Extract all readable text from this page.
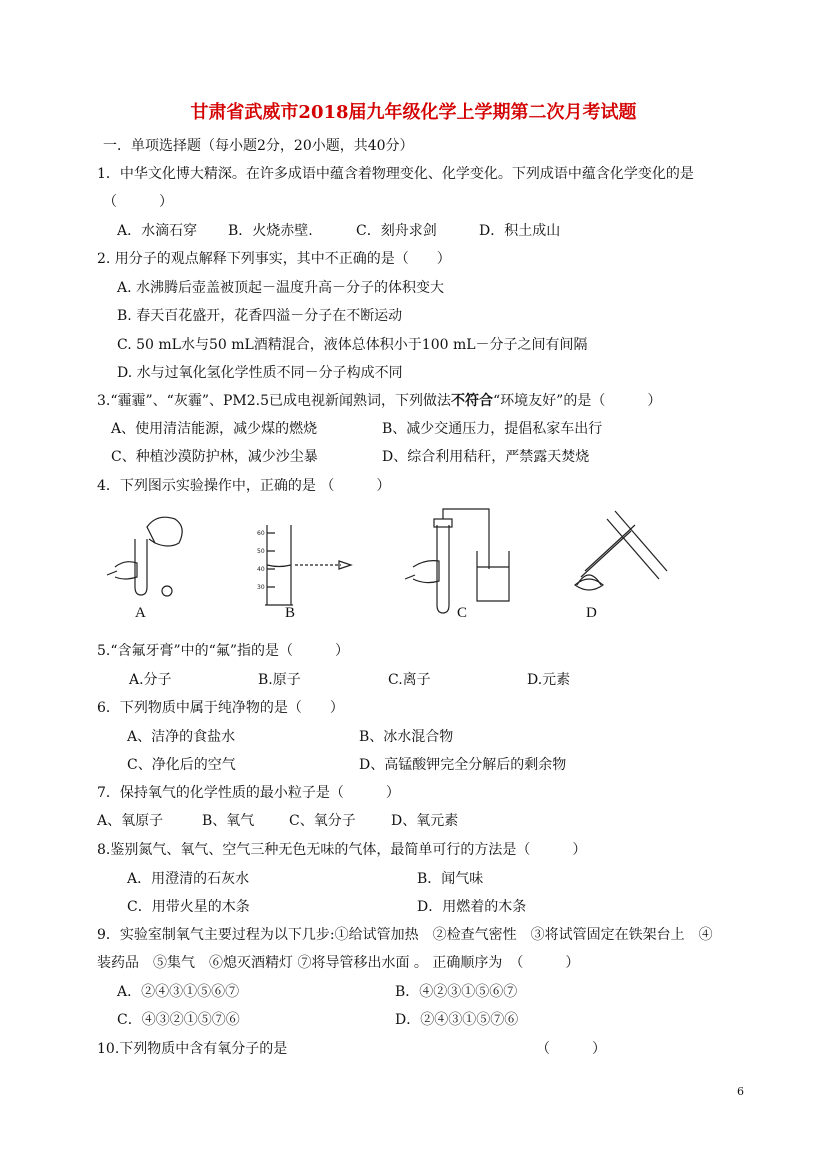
甘肃省武威市2018届九年级化学上学期第二次月考试题
一．单项选择题（每小题2分，20小题，共40分）
1．中华文化博大精深。在许多成语中蕴含着物理变化、化学变化。下列成语中蕴含化学变化的是
（　　　）
A．水滴石穿 B．火烧赤壁.	C．刻舟求剑	D．积土成山
2. 用分子的观点解释下列事实，其中不正确的是（　　）
A. 水沸腾后壶盖被顶起－温度升高－分子的体积变大
B. 春天百花盛开，花香四溢－分子在不断运动
C. 50 mL水与50 mL酒精混合，液体总体积小于100 mL－分子之间有间隔
D. 水与过氧化氢化学性质不同－分子构成不同
3.“霾霾”、“灰霾”、PM2.5已成电视新闻熟词，下列做法不符合“环境友好”的是（　　　）
A、使用清洁能源，减少煤的燃烧	B、减少交通压力，提倡私家车出行
C、种植沙漠防护林，减少沙尘暴	D、综合利用秸秆，严禁露天焚烧
4．下列图示实验操作中，正确的是 （　　　）
60
50
40
30
A	B	C	D
5.“含氟牙膏”中的“氟”指的是（　　　）
A.分子	B.原子	C.离子	D.元素
6．下列物质中属于纯净物的是（　　）
A、洁净的食盐水	B、冰水混合物
C、净化后的空气	D、高锰酸钾完全分解后的剩余物
7．保持氧气的化学性质的最小粒子是（　　　）
A、氧原子	B、氧气 C、氧分子	D、氧元素
8.鉴别氮气、氧气、空气三种无色无味的气体，最简单可行的方法是（　　　）
A．用澄清的石灰水	B．闻气味
C．用带火星的木条	D．用燃着的木条
9．实验室制氧气主要过程为以下几步:①给试管加热　②检查气密性　③将试管固定在铁架台上　④
装药品　⑤集气　⑥熄灭酒精灯 ⑦将导管移出水面 。 正确顺序为　（　　　）
A．②④③①⑤⑥⑦	B．④②③①⑤⑥⑦
C．④③②①⑤⑦⑥	D．②④③①⑤⑦⑥
10.下列物质中含有氧分子的是	（　　　）
6
